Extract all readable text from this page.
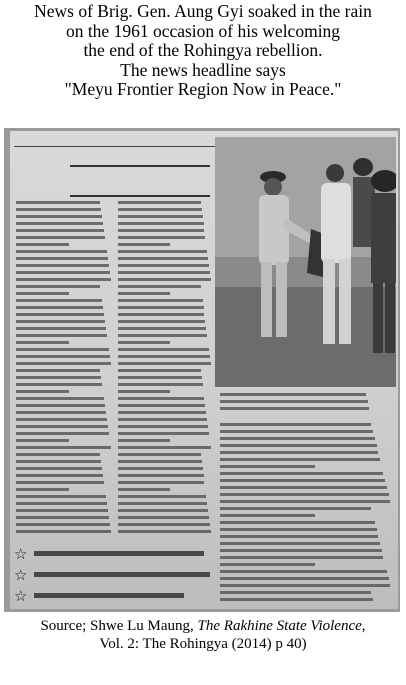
News of Brig. Gen. Aung Gyi soaked in the rain
on the 1961 occasion of his welcoming
the end of the Rohingya rebellion.
The news headline says
"Meyu Frontier Region Now in Peace."
☆
☆
☆
Source; Shwe Lu Maung, The Rakhine State Violence,
Vol. 2: The Rohingya (2014) p 40)
